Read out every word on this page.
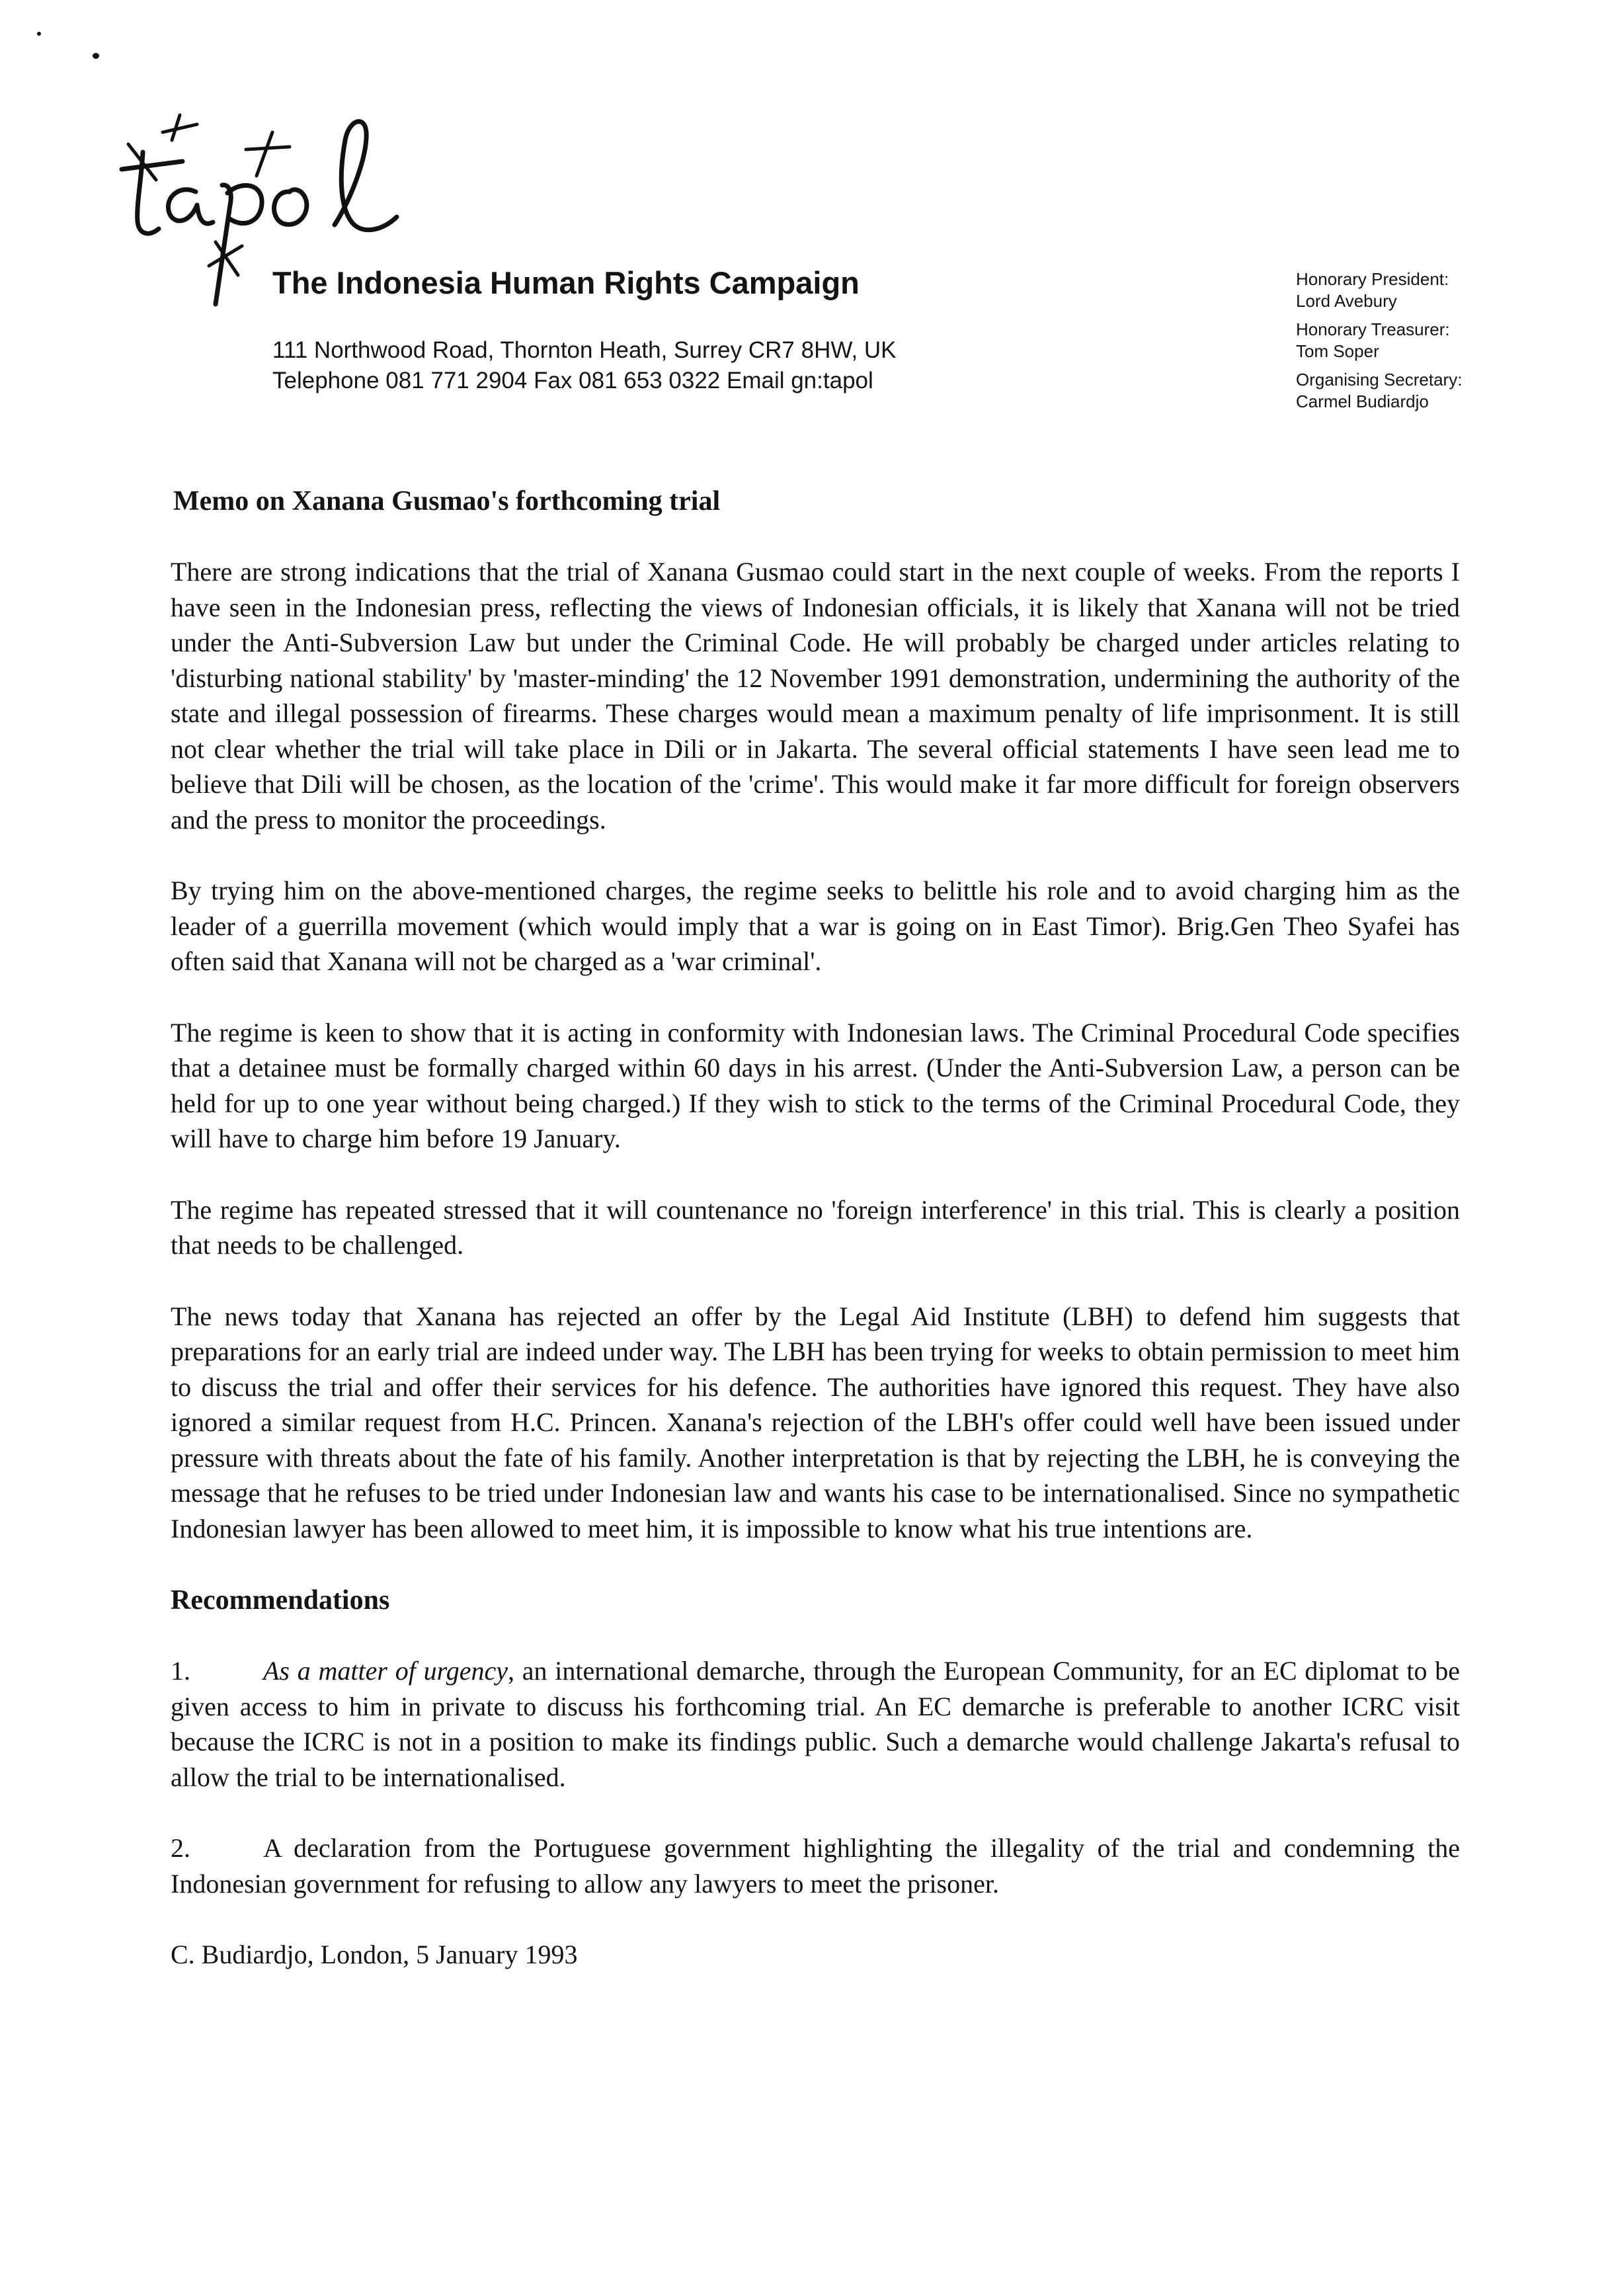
The Indonesia Human Rights Campaign
111 Northwood Road, Thornton Heath, Surrey CR7 8HW, UK
Telephone 081 771 2904 Fax 081 653 0322 Email gn:tapol
Honorary President:
Lord Avebury
Honorary Treasurer:
Tom Soper
Organising Secretary:
Carmel Budiardjo
Memo on Xanana Gusmao's forthcoming trial

There are strong indications that the trial of Xanana Gusmao could start in the next couple of weeks. From the reports I have seen in the Indonesian press, reflecting the views of Indonesian officials, it is likely that Xanana will not be tried under the Anti-Subversion Law but under the Criminal Code. He will probably be charged under articles relating to 'disturbing national stability' by 'master-minding' the 12 November 1991 demonstration, undermining the authority of the state and illegal possession of firearms. These charges would mean a maximum penalty of life imprisonment. It is still not clear whether the trial will take place in Dili or in Jakarta. The several official statements I have seen lead me to believe that Dili will be chosen, as the location of the 'crime'. This would make it far more difficult for foreign observers and the press to monitor the proceedings.

By trying him on the above-mentioned charges, the regime seeks to belittle his role and to avoid charging him as the leader of a guerrilla movement (which would imply that a war is going on in East Timor). Brig.Gen Theo Syafei has often said that Xanana will not be charged as a 'war criminal'.

The regime is keen to show that it is acting in conformity with Indonesian laws. The Criminal Procedural Code specifies that a detainee must be formally charged within 60 days in his arrest. (Under the Anti-Subversion Law, a person can be held for up to one year without being charged.) If they wish to stick to the terms of the Criminal Procedural Code, they will have to charge him before 19 January.

The regime has repeated stressed that it will countenance no 'foreign interference' in this trial. This is clearly a position that needs to be challenged.

The news today that Xanana has rejected an offer by the Legal Aid Institute (LBH) to defend him suggests that preparations for an early trial are indeed under way. The LBH has been trying for weeks to obtain permission to meet him to discuss the trial and offer their services for his defence. The authorities have ignored this request. They have also ignored a similar request from H.C. Princen. Xanana's rejection of the LBH's offer could well have been issued under pressure with threats about the fate of his family. Another interpretation is that by rejecting the LBH, he is conveying the message that he refuses to be tried under Indonesian law and wants his case to be internationalised. Since no sympathetic Indonesian lawyer has been allowed to meet him, it is impossible to know what his true intentions are.

Recommendations

1.	As a matter of urgency, an international demarche, through the European Community, for an EC diplomat to be given access to him in private to discuss his forthcoming trial. An EC demarche is preferable to another ICRC visit because the ICRC is not in a position to make its findings public. Such a demarche would challenge Jakarta's refusal to allow the trial to be internationalised.

2.	A declaration from the Portuguese government highlighting the illegality of the trial and condemning the Indonesian government for refusing to allow any lawyers to meet the prisoner.

C. Budiardjo, London, 5 January 1993
